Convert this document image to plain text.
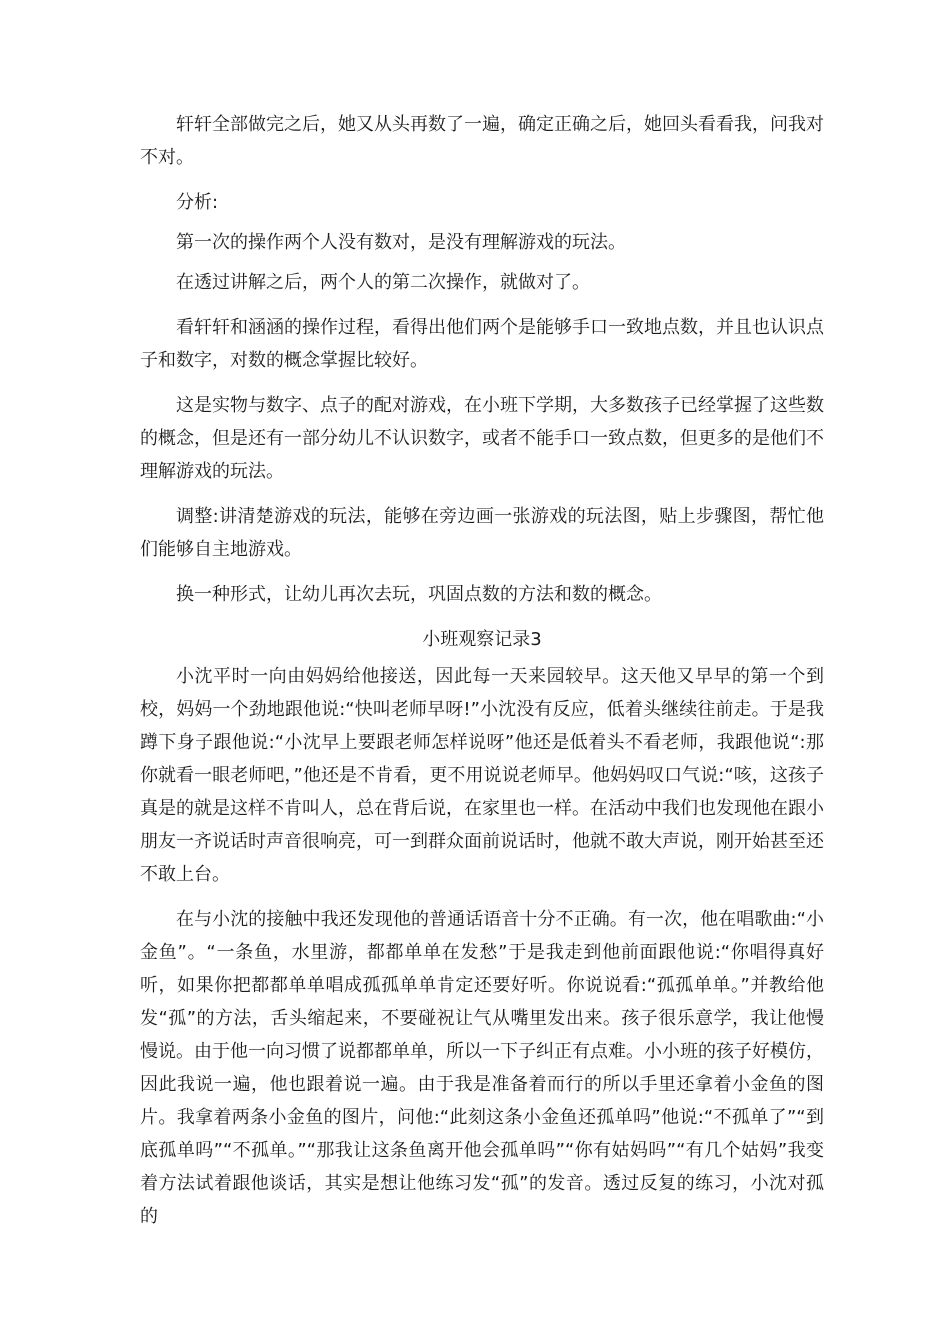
轩轩全部做完之后，她又从头再数了一遍，确定正确之后，她回头看看我，问我对不对。

分析:

第一次的操作两个人没有数对，是没有理解游戏的玩法。

在透过讲解之后，两个人的第二次操作，就做对了。

看轩轩和涵涵的操作过程，看得出他们两个是能够手口一致地点数，并且也认识点子和数字，对数的概念掌握比较好。

这是实物与数字、点子的配对游戏，在小班下学期，大多数孩子已经掌握了这些数的概念，但是还有一部分幼儿不认识数字，或者不能手口一致点数，但更多的是他们不理解游戏的玩法。

调整:讲清楚游戏的玩法，能够在旁边画一张游戏的玩法图，贴上步骤图，帮忙他们能够自主地游戏。

换一种形式，让幼儿再次去玩，巩固点数的方法和数的概念。

小班观察记录3

小沈平时一向由妈妈给他接送，因此每一天来园较早。这天他又早早的第一个到校，妈妈一个劲地跟他说:“快叫老师早呀!”小沈没有反应，低着头继续往前走。于是我蹲下身子跟他说:“小沈早上要跟老师怎样说呀”他还是低着头不看老师，我跟他说“:那你就看一眼老师吧，”他还是不肯看，更不用说说老师早。他妈妈叹口气说:“咳，这孩子真是的就是这样不肯叫人，总在背后说，在家里也一样。在活动中我们也发现他在跟小朋友一齐说话时声音很响亮，可一到群众面前说话时，他就不敢大声说，刚开始甚至还不敢上台。

在与小沈的接触中我还发现他的普通话语音十分不正确。有一次，他在唱歌曲:“小金鱼”。“一条鱼，水里游，都都单单在发愁”于是我走到他前面跟他说:“你唱得真好听，如果你把都都单单唱成孤孤单单肯定还要好听。你说说看:“孤孤单单。”并教给他发“孤”的方法，舌头缩起来，不要碰祝让气从嘴里发出来。孩子很乐意学，我让他慢慢说。由于他一向习惯了说都都单单，所以一下子纠正有点难。小小班的孩子好模仿，因此我说一遍，他也跟着说一遍。由于我是准备着而行的所以手里还拿着小金鱼的图片。我拿着两条小金鱼的图片，问他:“此刻这条小金鱼还孤单吗”他说:“不孤单了”“到底孤单吗”“不孤单。”“那我让这条鱼离开他会孤单吗”“你有姑妈吗”“有几个姑妈”我变着方法试着跟他谈话，其实是想让他练习发“孤”的发音。透过反复的练习，小沈对孤的
